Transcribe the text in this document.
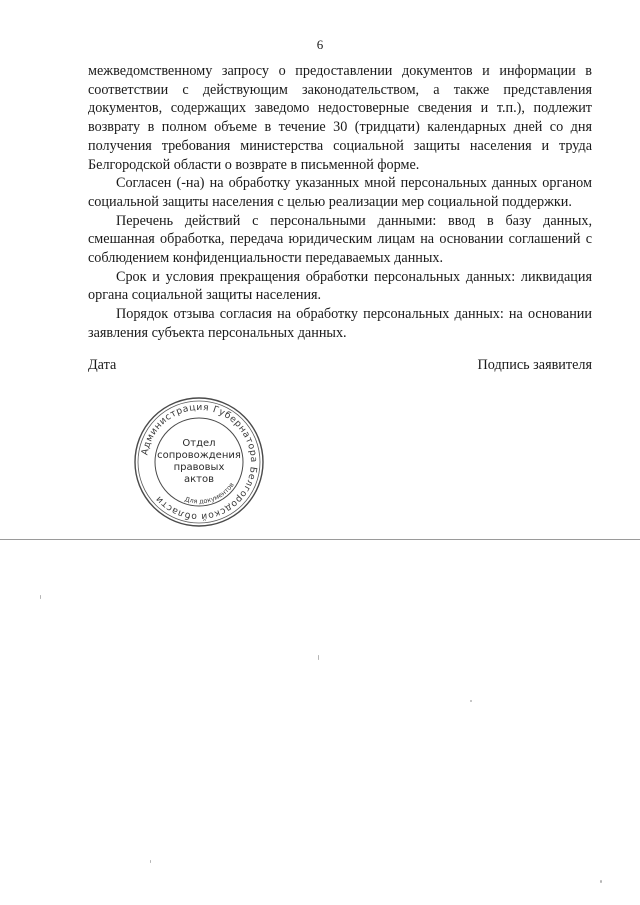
6

межведомственному запросу о предоставлении документов и информации в соответствии с действующим законодательством, а также представления документов, содержащих заведомо недостоверные сведения и т.п.), подлежит возврату в полном объеме в течение 30 (тридцати) календарных дней со дня получения требования министерства социальной защиты населения и труда Белгородской области о возврате в письменной форме.

Согласен (-на) на обработку указанных мной персональных данных органом социальной защиты населения с целью реализации мер социальной поддержки.

Перечень действий с персональными данными: ввод в базу данных, смешанная обработка, передача юридическим лицам на основании соглашений с соблюдением конфиденциальности передаваемых данных.

Срок и условия прекращения обработки персональных данных: ликвидация органа социальной защиты населения.

Порядок отзыва согласия на обработку персональных данных: на основании заявления субъекта персональных данных.

Дата	Подпись заявителя
Администрация Губернатора Белгородской области	Для документов
Отдел
сопровождения
правовых
актов
